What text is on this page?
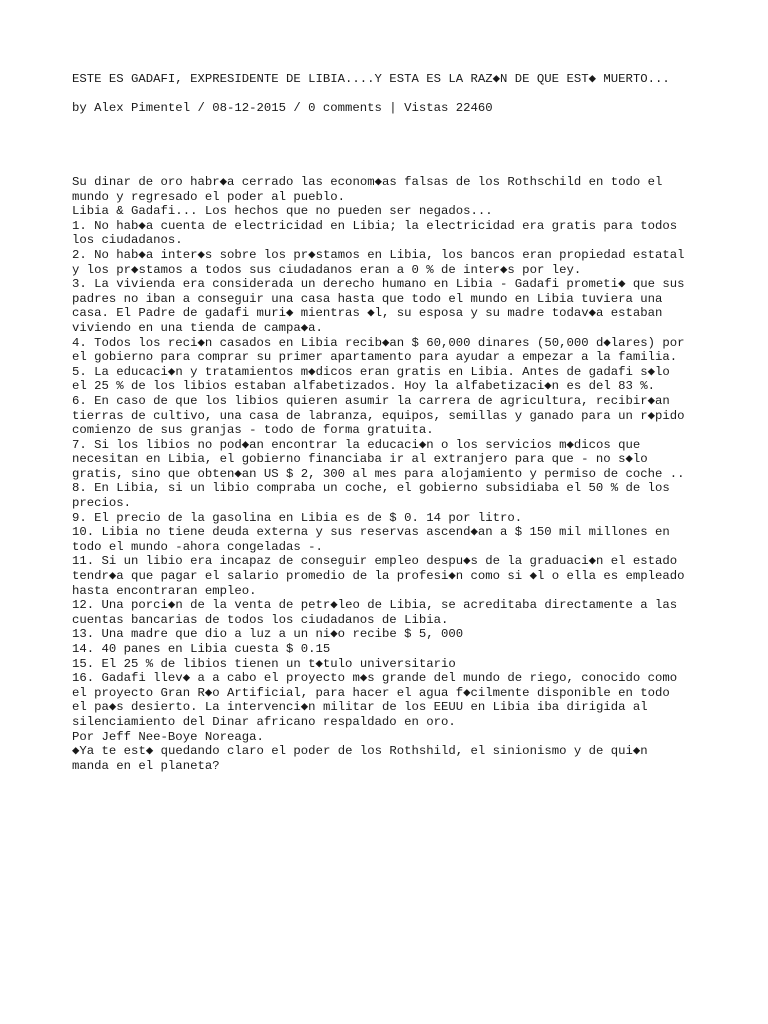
ESTE ES GADAFI, EXPRESIDENTE DE LIBIA....Y ESTA ES LA RAZ◆N DE QUE EST◆ MUERTO...
by Alex Pimentel / 08-12-2015 / 0 comments | Vistas 22460
Su dinar de oro habr◆a cerrado las econom◆as falsas de los Rothschild en todo el
mundo y regresado el poder al pueblo.
Libia & Gadafi... Los hechos que no pueden ser negados...
1. No hab◆a cuenta de electricidad en Libia; la electricidad era gratis para todos
los ciudadanos.
2. No hab◆a inter◆s sobre los pr◆stamos en Libia, los bancos eran propiedad estatal
y los pr◆stamos a todos sus ciudadanos eran a 0 % de inter◆s por ley.
3. La vivienda era considerada un derecho humano en Libia - Gadafi prometi◆ que sus
padres no iban a conseguir una casa hasta que todo el mundo en Libia tuviera una
casa. El Padre de gadafi muri◆ mientras ◆l, su esposa y su madre todav◆a estaban
viviendo en una tienda de campa◆a.
4. Todos los reci◆n casados en Libia recib◆an $ 60,000 dinares (50,000 d◆lares) por
el gobierno para comprar su primer apartamento para ayudar a empezar a la familia.
5. La educaci◆n y tratamientos m◆dicos eran gratis en Libia. Antes de gadafi s◆lo
el 25 % de los libios estaban alfabetizados. Hoy la alfabetizaci◆n es del 83 %.
6. En caso de que los libios quieren asumir la carrera de agricultura, recibir◆an
tierras de cultivo, una casa de labranza, equipos, semillas y ganado para un r◆pido
comienzo de sus granjas - todo de forma gratuita.
7. Si los libios no pod◆an encontrar la educaci◆n o los servicios m◆dicos que
necesitan en Libia, el gobierno financiaba ir al extranjero para que - no s◆lo
gratis, sino que obten◆an US $ 2, 300 al mes para alojamiento y permiso de coche ..
8. En Libia, si un libio compraba un coche, el gobierno subsidiaba el 50 % de los
precios.
9. El precio de la gasolina en Libia es de $ 0. 14 por litro.
10. Libia no tiene deuda externa y sus reservas ascend◆an a $ 150 mil millones en
todo el mundo -ahora congeladas -.
11. Si un libio era incapaz de conseguir empleo despu◆s de la graduaci◆n el estado
tendr◆a que pagar el salario promedio de la profesi◆n como si ◆l o ella es empleado
hasta encontraran empleo.
12. Una porci◆n de la venta de petr◆leo de Libia, se acreditaba directamente a las
cuentas bancarias de todos los ciudadanos de Libia.
13. Una madre que dio a luz a un ni◆o recibe $ 5, 000
14. 40 panes en Libia cuesta $ 0.15
15. El 25 % de libios tienen un t◆tulo universitario
16. Gadafi llev◆ a a cabo el proyecto m◆s grande del mundo de riego, conocido como
el proyecto Gran R◆o Artificial, para hacer el agua f◆cilmente disponible en todo
el pa◆s desierto. La intervenci◆n militar de los EEUU en Libia iba dirigida al
silenciamiento del Dinar africano respaldado en oro.
Por Jeff Nee-Boye Noreaga.
◆Ya te est◆ quedando claro el poder de los Rothshild, el sinionismo y de qui◆n
manda en el planeta?
